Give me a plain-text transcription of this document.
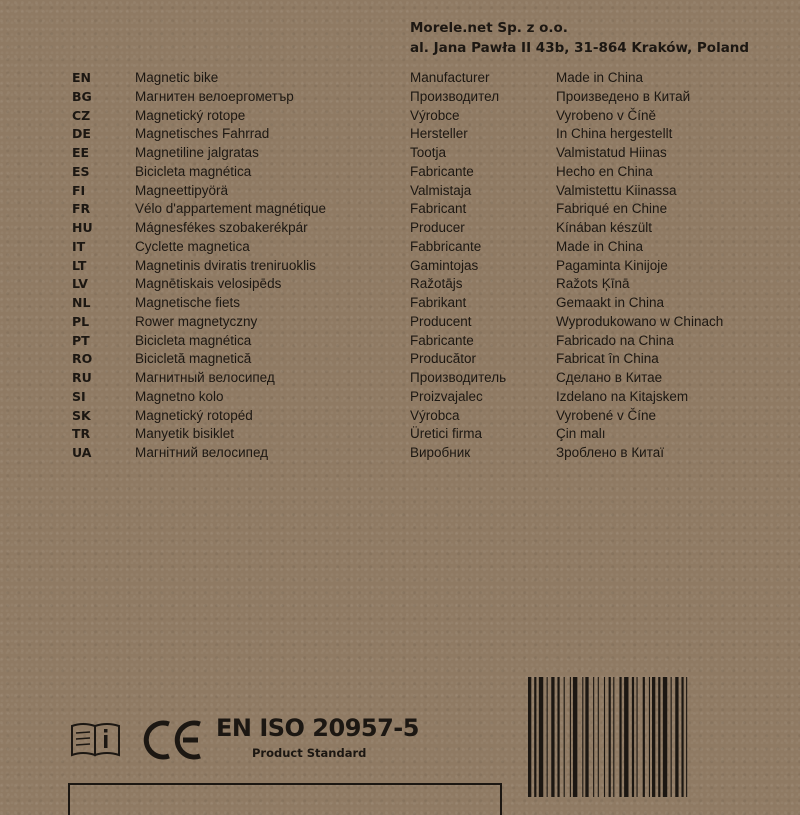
Morele.net Sp. z o.o.
al. Jana Pawła II 43b, 31-864 Kraków, Poland
EN	Magnetic bike	Manufacturer	Made in China
BG	Магнитен велоергометър	Производител	Произведено в Китай
CZ	Magnetický rotope	Výrobce	Vyrobeno v Číně
DE	Magnetisches Fahrrad	Hersteller	In China hergestellt
EE	Magnetiline jalgratas	Tootja	Valmistatud Hiinas
ES	Bicicleta magnética	Fabricante	Hecho en China
FI	Magneettipyörä	Valmistaja	Valmistettu Kiinassa
FR	Vélo d'appartement magnétique	Fabricant	Fabriqué en Chine
HU	Mágnesfékes szobakerékpár	Producer	Kínában készült
IT	Cyclette magnetica	Fabbricante	Made in China
LT	Magnetinis dviratis treniruoklis	Gamintojas	Pagaminta Kinijoje
LV	Magnētiskais velosipēds	Ražotājs	Ražots Ķīnā
NL	Magnetische fiets	Fabrikant	Gemaakt in China
PL	Rower magnetyczny	Producent	Wyprodukowano w Chinach
PT	Bicicleta magnética	Fabricante	Fabricado na China
RO	Bicicletă magnetică	Producător	Fabricat în China
RU	Магнитный велосипед	Производитель	Сделано в Китае
SI	Magnetno kolo	Proizvajalec	Izdelano na Kitajskem
SK	Magnetický rotopéd	Výrobca	Vyrobené v Číne
TR	Manyetik bisiklet	Üretici firma	Çin malı
UA	Магнітний велосипед	Виробник	Зроблено в Китаї
EN ISO 20957-5
Product Standard
